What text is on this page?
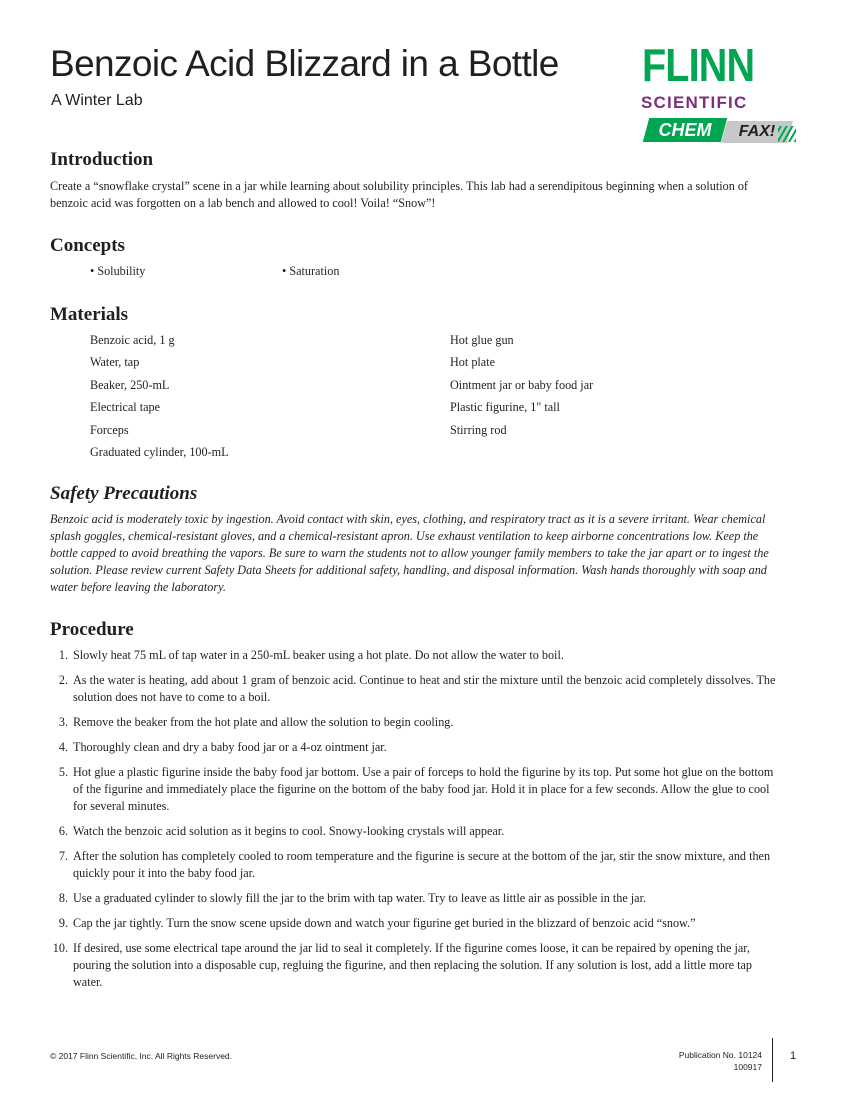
Benzoic Acid Blizzard in a Bottle
A Winter Lab
FLINN
SCIENTIFIC
CHEM	FAX!
Introduction

Create a “snowflake crystal” scene in a jar while learning about solubility principles. This lab had a serendipitous beginning when a solution of benzoic acid was forgotten on a lab bench and allowed to cool! Voila! “Snow”!

Concepts
• Solubility	• Saturation
Materials
Benzoic acid, 1 g
Water, tap
Beaker, 250-mL
Electrical tape
Forceps
Graduated cylinder, 100-mL
Hot glue gun
Hot plate
Ointment jar or baby food jar
Plastic figurine, 1" tall
Stirring rod
Safety Precautions

Benzoic acid is moderately toxic by ingestion. Avoid contact with skin, eyes, clothing, and respiratory tract as it is a severe irritant. Wear chemical splash goggles, chemical-resistant gloves, and a chemical-resistant apron. Use exhaust ventilation to keep airborne concentrations low. Keep the bottle capped to avoid breathing the vapors. Be sure to warn the students not to allow younger family members to take the jar apart or to ingest the solution. Please review current Safety Data Sheets for additional safety, handling, and disposal information. Wash hands thoroughly with soap and water before leaving the laboratory.

Procedure
1. Slowly heat 75 mL of tap water in a 250-mL beaker using a hot plate. Do not allow the water to boil.
2. As the water is heating, add about 1 gram of benzoic acid. Continue to heat and stir the mixture until the benzoic acid completely dissolves. The solution does not have to come to a boil.
3. Remove the beaker from the hot plate and allow the solution to begin cooling.
4. Thoroughly clean and dry a baby food jar or a 4-oz ointment jar.
5. Hot glue a plastic figurine inside the baby food jar bottom. Use a pair of forceps to hold the figurine by its top. Put some hot glue on the bottom of the figurine and immediately place the figurine on the bottom of the baby food jar. Hold it in place for a few seconds. Allow the glue to cool for several minutes.
6. Watch the benzoic acid solution as it begins to cool. Snowy-looking crystals will appear.
7. After the solution has completely cooled to room temperature and the figurine is secure at the bottom of the jar, stir the snow mixture, and then quickly pour it into the baby food jar.
8. Use a graduated cylinder to slowly fill the jar to the brim with tap water. Try to leave as little air as possible in the jar.
9. Cap the jar tightly. Turn the snow scene upside down and watch your figurine get buried in the blizzard of benzoic acid “snow.”
10. If desired, use some electrical tape around the jar lid to seal it completely. If the figurine comes loose, it can be repaired by opening the jar, pouring the solution into a disposable cup, regluing the figurine, and then replacing the solution. If any solution is lost, add a little more tap water.
© 2017 Flinn Scientific, Inc. All Rights Reserved.	Publication No. 10124
100917
1
